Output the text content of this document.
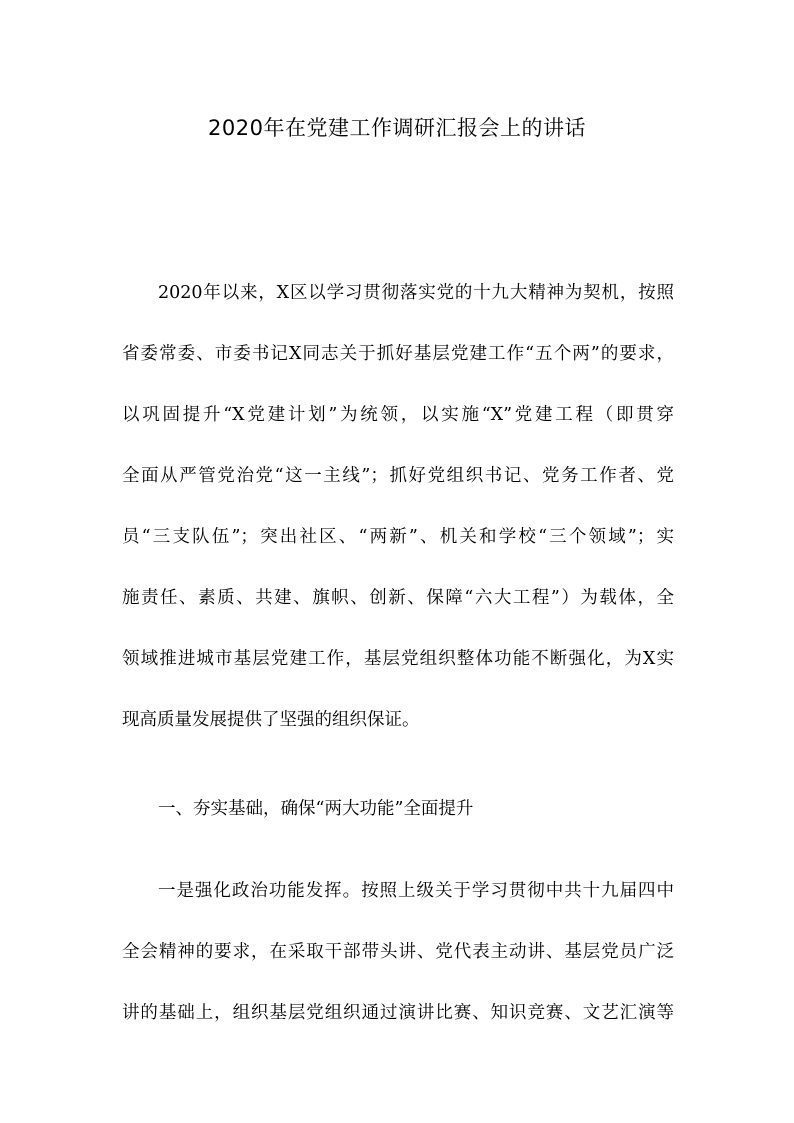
2020年在党建工作调研汇报会上的讲话
2020年以来，X区以学习贯彻落实党的十九大精神为契机，按照
省委常委、市委书记X同志关于抓好基层党建工作“五个两”的要求，
以巩固提升“X党建计划”为统领，以实施“X”党建工程（即贯穿
全面从严管党治党“这一主线”；抓好党组织书记、党务工作者、党
员“三支队伍”；突出社区、“两新”、机关和学校“三个领域”；实
施责任、素质、共建、旗帜、创新、保障“六大工程”）为载体，全
领域推进城市基层党建工作，基层党组织整体功能不断强化，为X实
现高质量发展提供了坚强的组织保证。
一、夯实基础，确保“两大功能”全面提升
一是强化政治功能发挥。按照上级关于学习贯彻中共十九届四中
全会精神的要求，在采取干部带头讲、党代表主动讲、基层党员广泛
讲的基础上，组织基层党组织通过演讲比赛、知识竞赛、文艺汇演等
